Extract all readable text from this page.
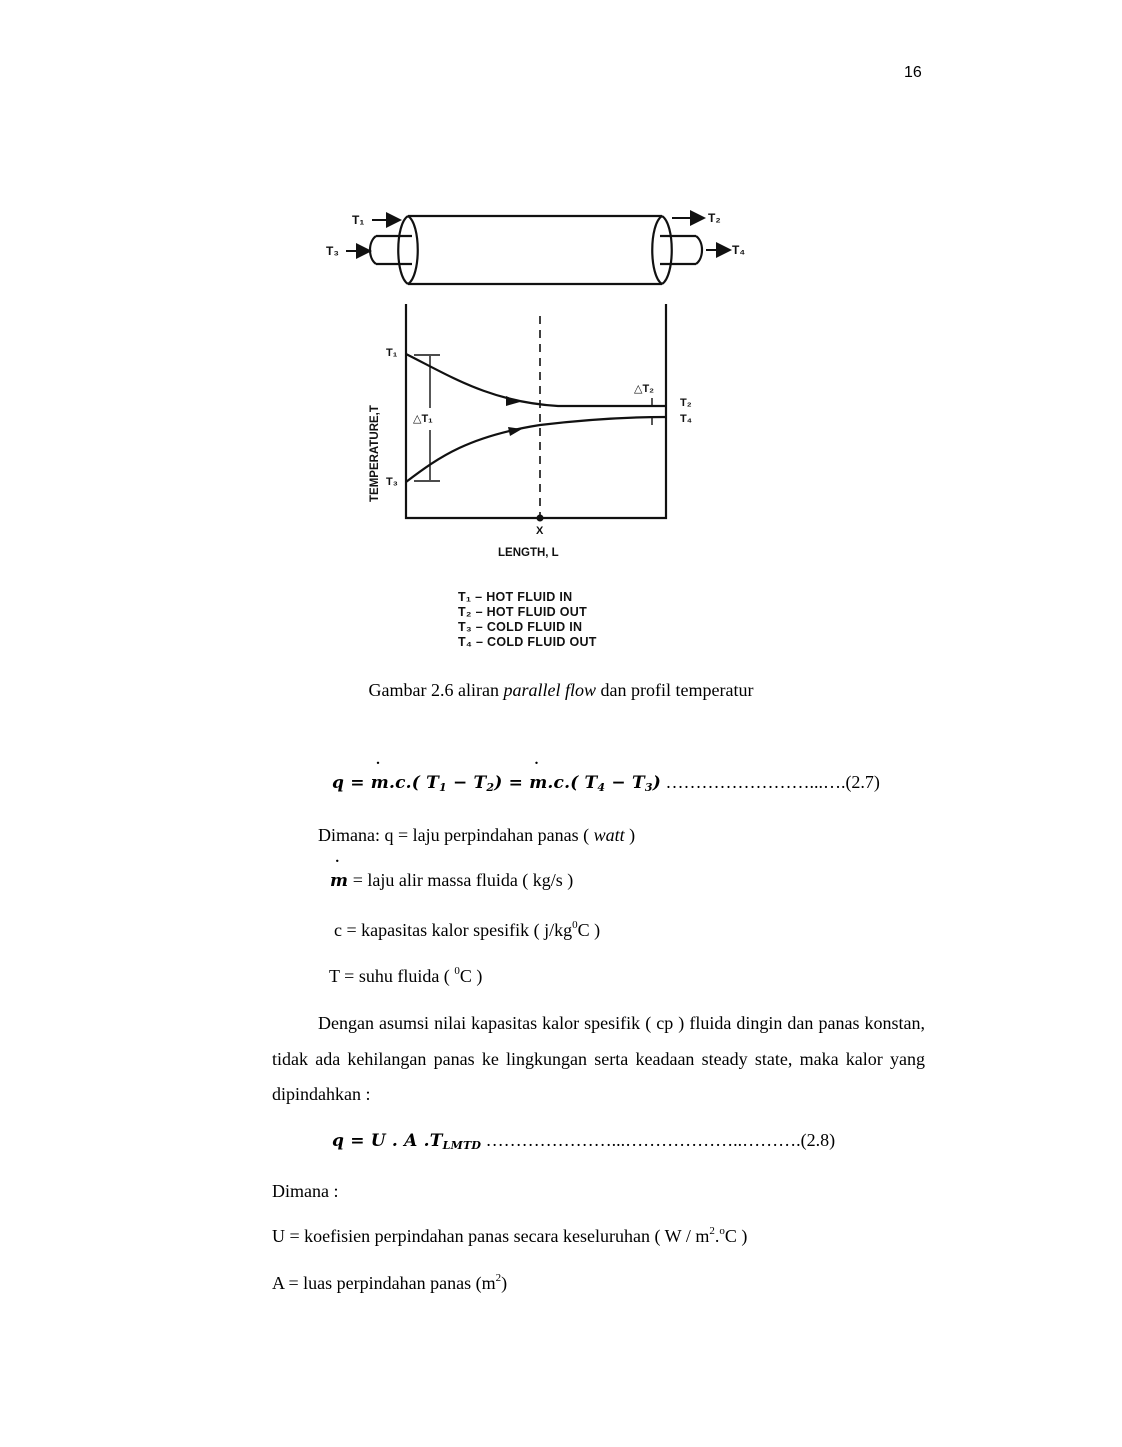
16
T₁
T₃
T₂
T₄
T₁
T₃
△T₁
△T₂
T₂
T₄
X
LENGTH, L
TEMPERATURE,T
T₁ – HOT FLUID IN
T₂ – HOT FLUID OUT
T₃ – COLD FLUID IN
T₄ – COLD FLUID OUT
Gambar 2.6 aliran parallel flow dan profil temperatur
q = m ˙.c.( $T_1 - T_2) = m$ ˙.c.( $T_4 - T_3$) ……………………...….(2.7)
Dimana: q = laju perpindahan panas ( watt )
m ˙ = laju alir massa fluida ( kg/s )
c = kapasitas kalor spesifik ( $j/kg^0C$ )
T = suhu fluida ( $^0$C )
Dengan asumsi nilai kapasitas kalor spesifik ( cp ) fluida dingin dan panas konstan, tidak ada kehilangan panas ke lingkungan serta keadaan steady state, maka kalor yang dipindahkan :
q = U . A $.T_{LMTD}$ …………………...………………..……….(2.8)
Dimana :
U = koefisien perpindahan panas secara keseluruhan ( W / $m^2.^oC$ )
A = luas perpindahan panas $(m^2)$
